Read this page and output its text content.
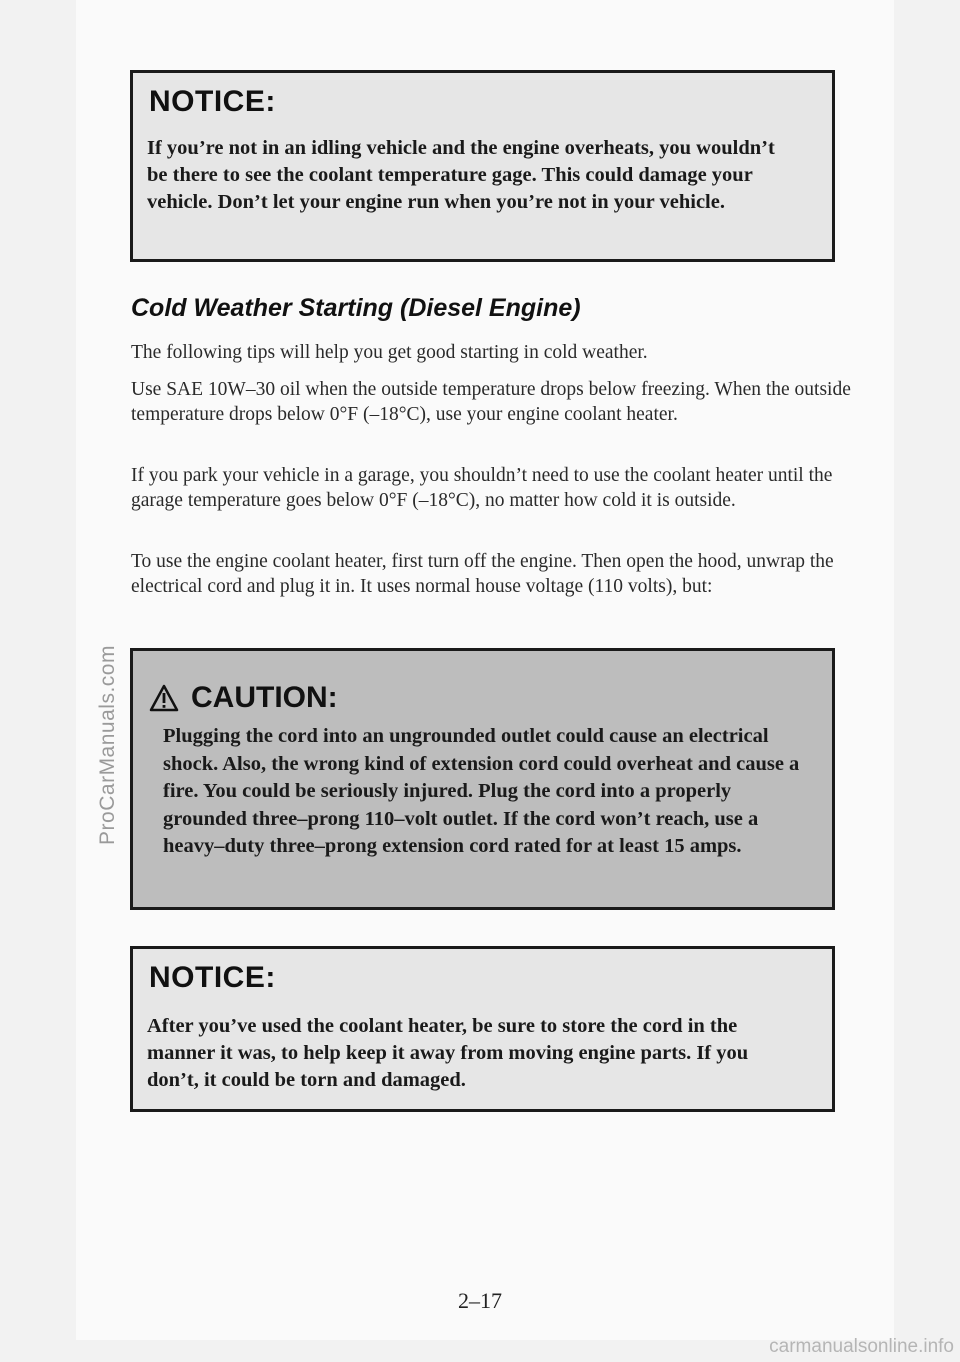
ProCarManuals.com
NOTICE:
If you’re not in an idling vehicle and the engine overheats, you wouldn’t be there to see the coolant temperature gage. This could damage your vehicle. Don’t let your engine run when you’re not in your vehicle.
Cold Weather Starting (Diesel Engine)
The following tips will help you get good starting in cold weather.
Use SAE 10W–30 oil when the outside temperature drops below freezing. When the outside temperature drops below 0°F (–18°C), use your engine coolant heater.
If you park your vehicle in a garage, you shouldn’t need to use the coolant heater until the garage temperature goes below 0°F (–18°C), no matter how cold it is outside.
To use the engine coolant heater, first turn off the engine. Then open the hood, unwrap the electrical cord and plug it in. It uses normal house voltage (110 volts), but:
CAUTION:
Plugging the cord into an ungrounded outlet could cause an electrical shock. Also, the wrong kind of extension cord could overheat and cause a fire. You could be seriously injured. Plug the cord into a properly grounded three–prong 110–volt outlet. If the cord won’t reach, use a heavy–duty three–prong extension cord rated for at least 15 amps.
NOTICE:
After you’ve used the coolant heater, be sure to store the cord in the manner it was, to help keep it away from moving engine parts. If you don’t, it could be torn and damaged.
2–17
carmanualsonline.info
